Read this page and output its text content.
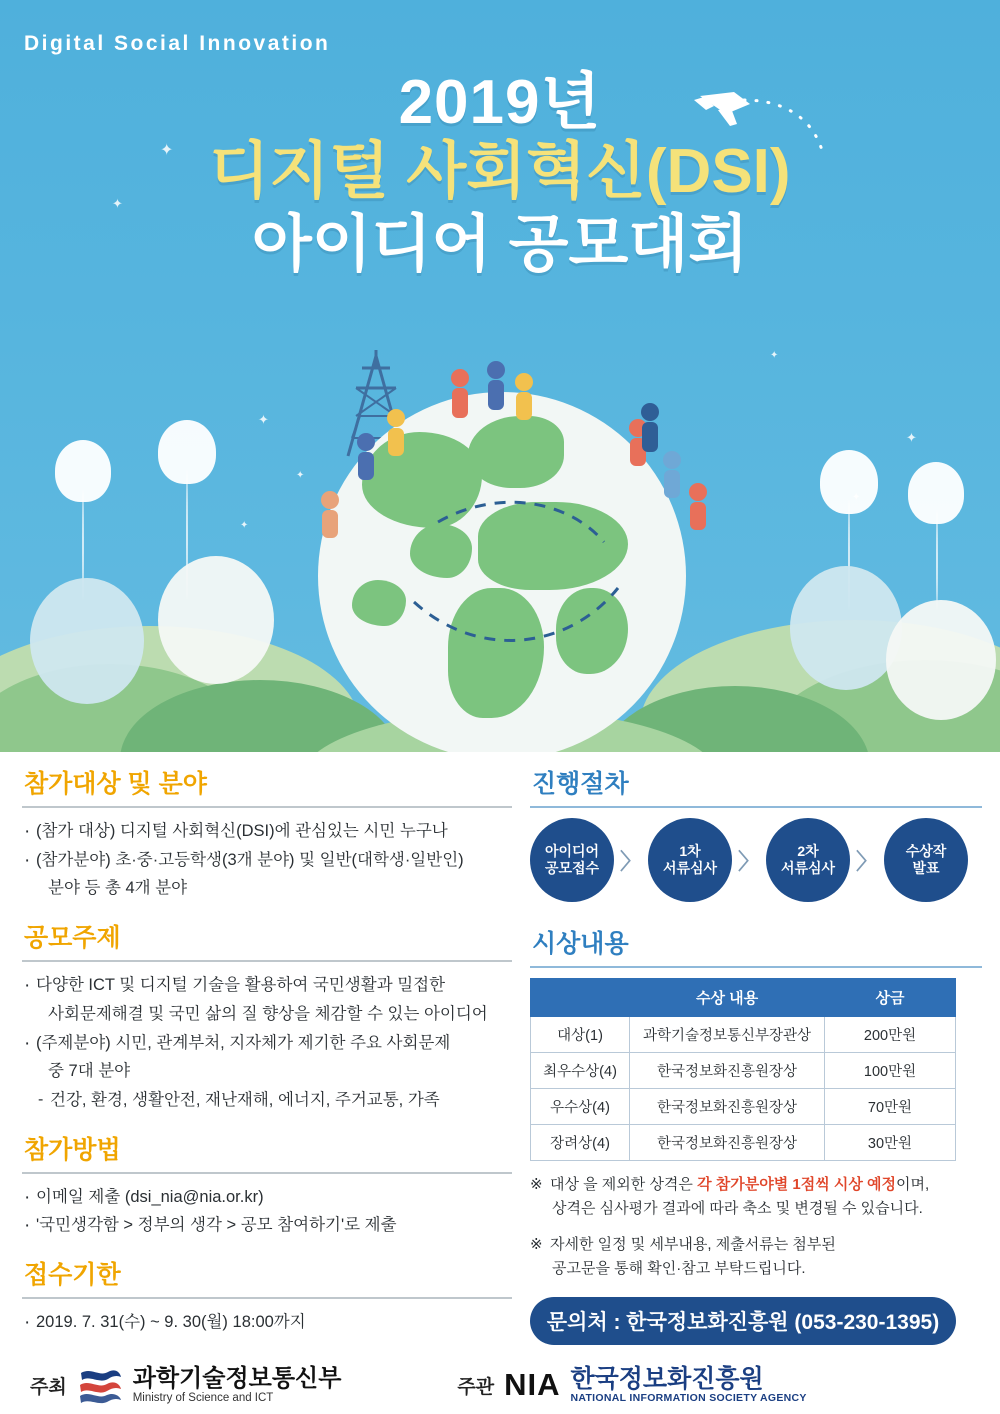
✦
✦
✦
✦
✦
✦
✦
2019년
디지털 사회혁신(DSI)
아이디어 공모대회
Digital Social Innovation
참가대상 및 분야
· (참가 대상) 디지털 사회혁신(DSI)에 관심있는 시민 누구나
· (참가분야) 초·중·고등학생(3개 분야) 및 일반(대학생·일반인)
분야 등 총 4개 분야
공모주제
· 다양한 ICT 및 디지털 기술을 활용하여 국민생활과 밀접한
사회문제해결 및 국민 삶의 질 향상을 체감할 수 있는 아이디어
· (주제분야) 시민, 관계부처, 지자체가 제기한 주요 사회문제
중 7대 분야
- 건강, 환경, 생활안전, 재난재해, 에너지, 주거교통, 가족
참가방법
· 이메일 제출 (dsi_nia@nia.or.kr)
· '국민생각함 > 정부의 생각 > 공모 참여하기'로 제출
접수기한
· 2019. 7. 31(수) ~ 9. 30(월) 18:00까지
진행절차
아이디어
공모접수 〉	1차
서류심사 〉	2차
서류심사 〉 수상작
발표
시상내용
	수상 내용	상금
대상(1)	과학기술정보통신부장관상	200만원
최우수상(4)	한국정보화진흥원장상	100만원
우수상(4)	한국정보화진흥원장상	70만원
장려상(4)	한국정보화진흥원장상	30만원
※ 대상 을 제외한 상격은 각 참가분야별 1점씩 시상 예정이며,
상격은 심사평가 결과에 따라 축소 및 변경될 수 있습니다.
※ 자세한 일정 및 세부내용, 제출서류는 첨부된
공고문을 통해 확인·참고 부탁드립니다.
문의처 : 한국정보화진흥원 (053-230-1395)
주최	과학기술정보통신부
Ministry of Science and ICT
주관 NIA 한국정보화진흥원
NATIONAL INFORMATION SOCIETY AGENCY
